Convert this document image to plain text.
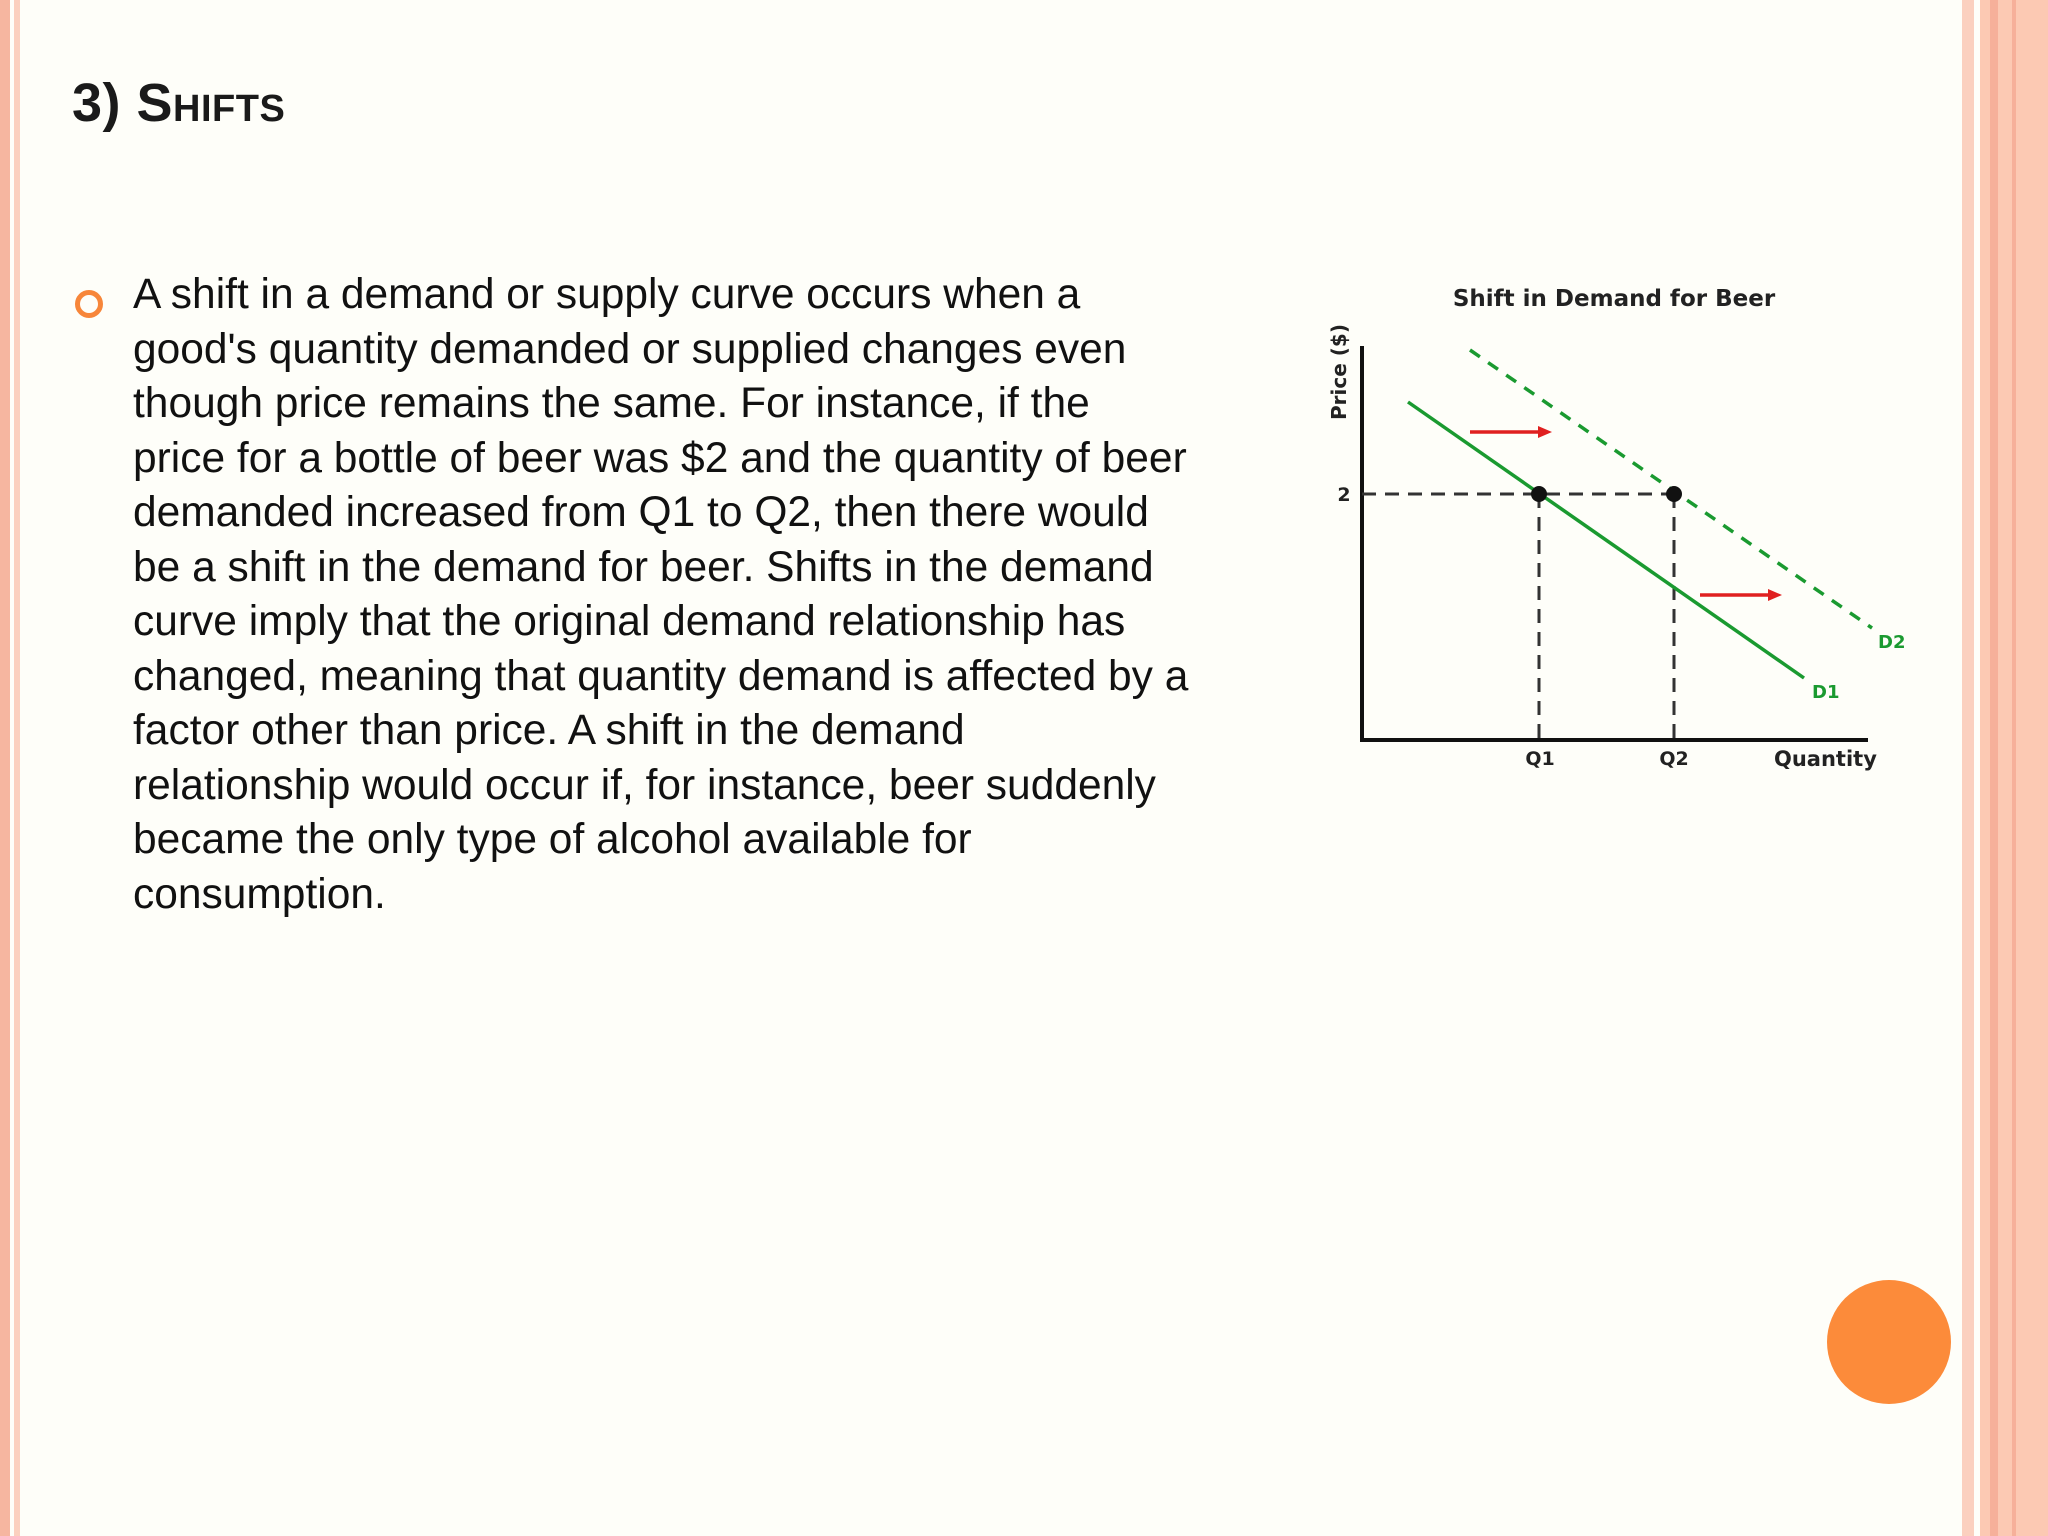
3) Shifts

A shift in a demand or supply curve occurs when a good's quantity demanded or supplied changes even though price remains the same. For instance, if the price for a bottle of beer was $2 and the quantity of beer demanded increased from Q1 to Q2, then there would be a shift in the demand for beer. Shifts in the demand curve imply that the original demand relationship has changed, meaning that quantity demand is affected by a factor other than price. A shift in the demand relationship would occur if, for instance, beer suddenly became the only type of alcohol available for consumption.

Shift in Demand for Beer
Price ($)
2
Q1	Q2	Quantity
D1
D2
